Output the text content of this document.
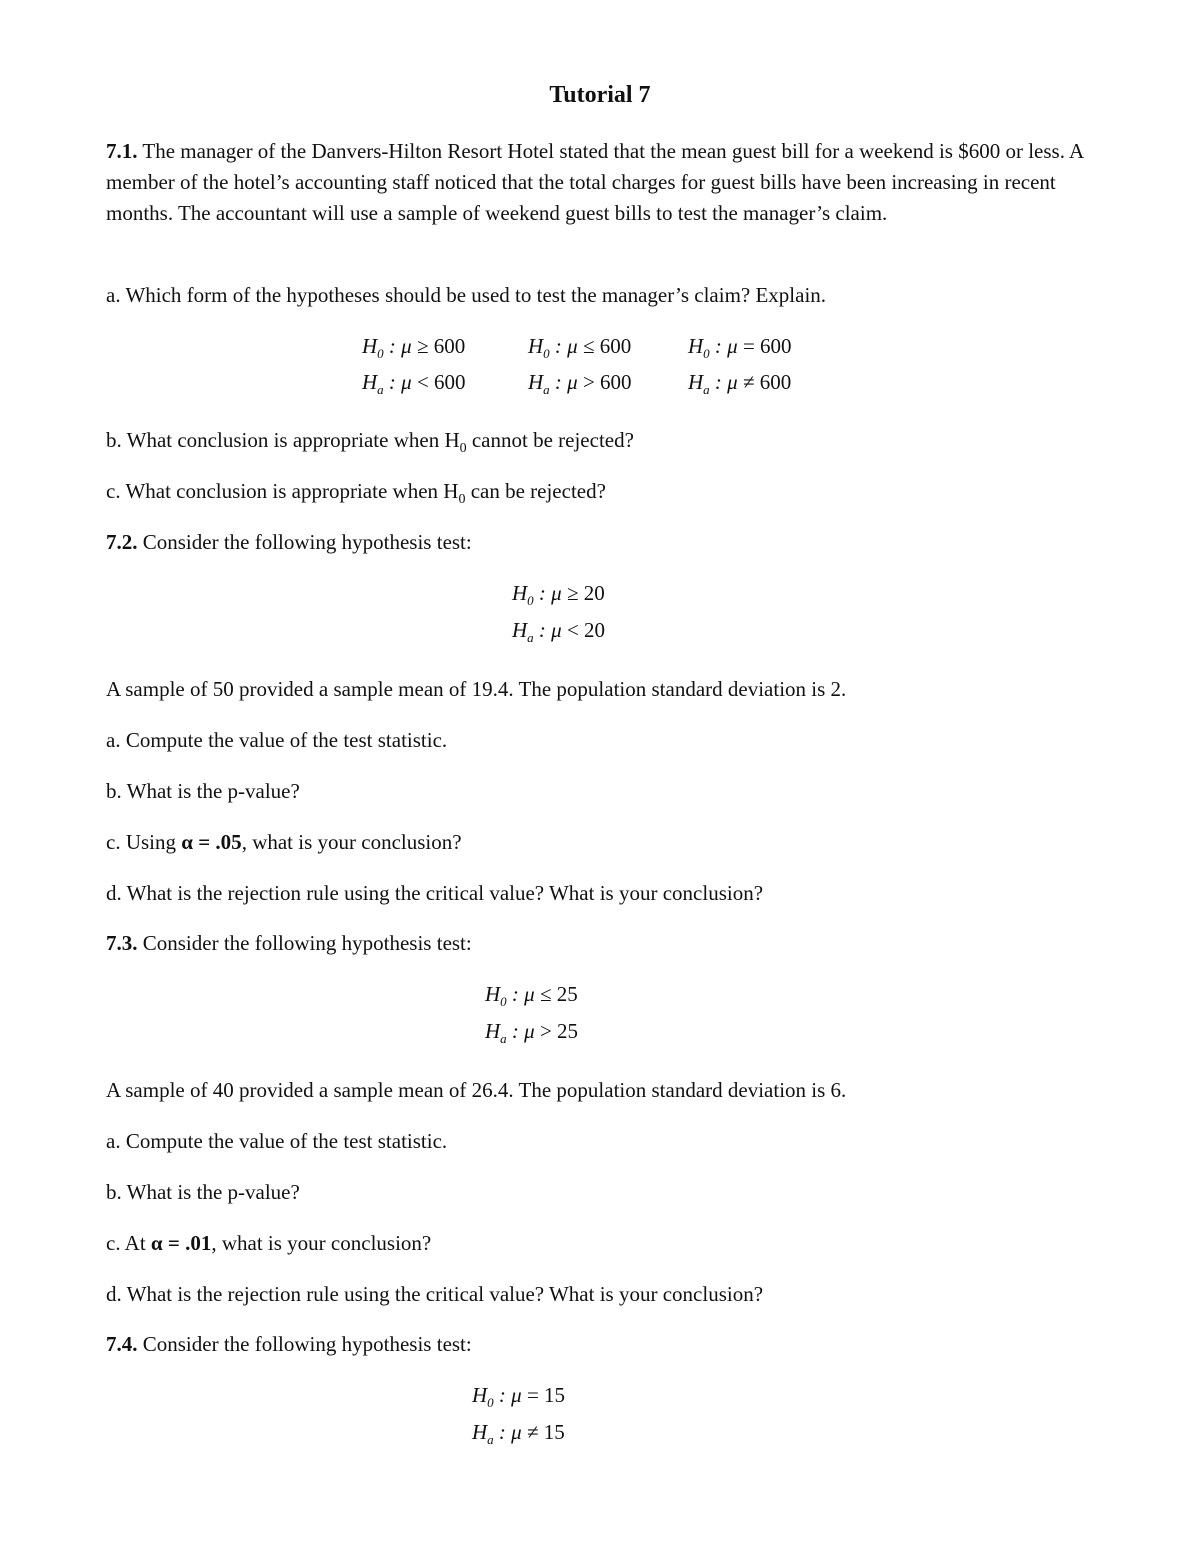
Tutorial 7
7.1. The manager of the Danvers-Hilton Resort Hotel stated that the mean guest bill for a weekend is $600 or less. A member of the hotel’s accounting staff noticed that the total charges for guest bills have been increasing in recent months. The accountant will use a sample of weekend guest bills to test the manager’s claim.
a. Which form of the hypotheses should be used to test the manager’s claim? Explain.
$H_0$ : μ ≥ 600
$H_a$ : μ < 600
$H_0$ : μ ≤ 600
$H_a$ : μ > 600
$H_0$ : μ = 600
$H_a$ : μ ≠ 600
b. What conclusion is appropriate when $H_0$ cannot be rejected?
c. What conclusion is appropriate when $H_0$ can be rejected?
7.2. Consider the following hypothesis test:
$H_0$ : μ ≥ 20
$H_a$ : μ < 20
A sample of 50 provided a sample mean of 19.4. The population standard deviation is 2.
a. Compute the value of the test statistic.
b. What is the p-value?
c. Using α = .05, what is your conclusion?
d. What is the rejection rule using the critical value? What is your conclusion?
7.3. Consider the following hypothesis test:
$H_0$ : μ ≤ 25
$H_a$ : μ > 25
A sample of 40 provided a sample mean of 26.4. The population standard deviation is 6.
a. Compute the value of the test statistic.
b. What is the p-value?
c. At α = .01, what is your conclusion?
d. What is the rejection rule using the critical value? What is your conclusion?
7.4. Consider the following hypothesis test:
$H_0$ : μ = 15
$H_a$ : μ ≠ 15
